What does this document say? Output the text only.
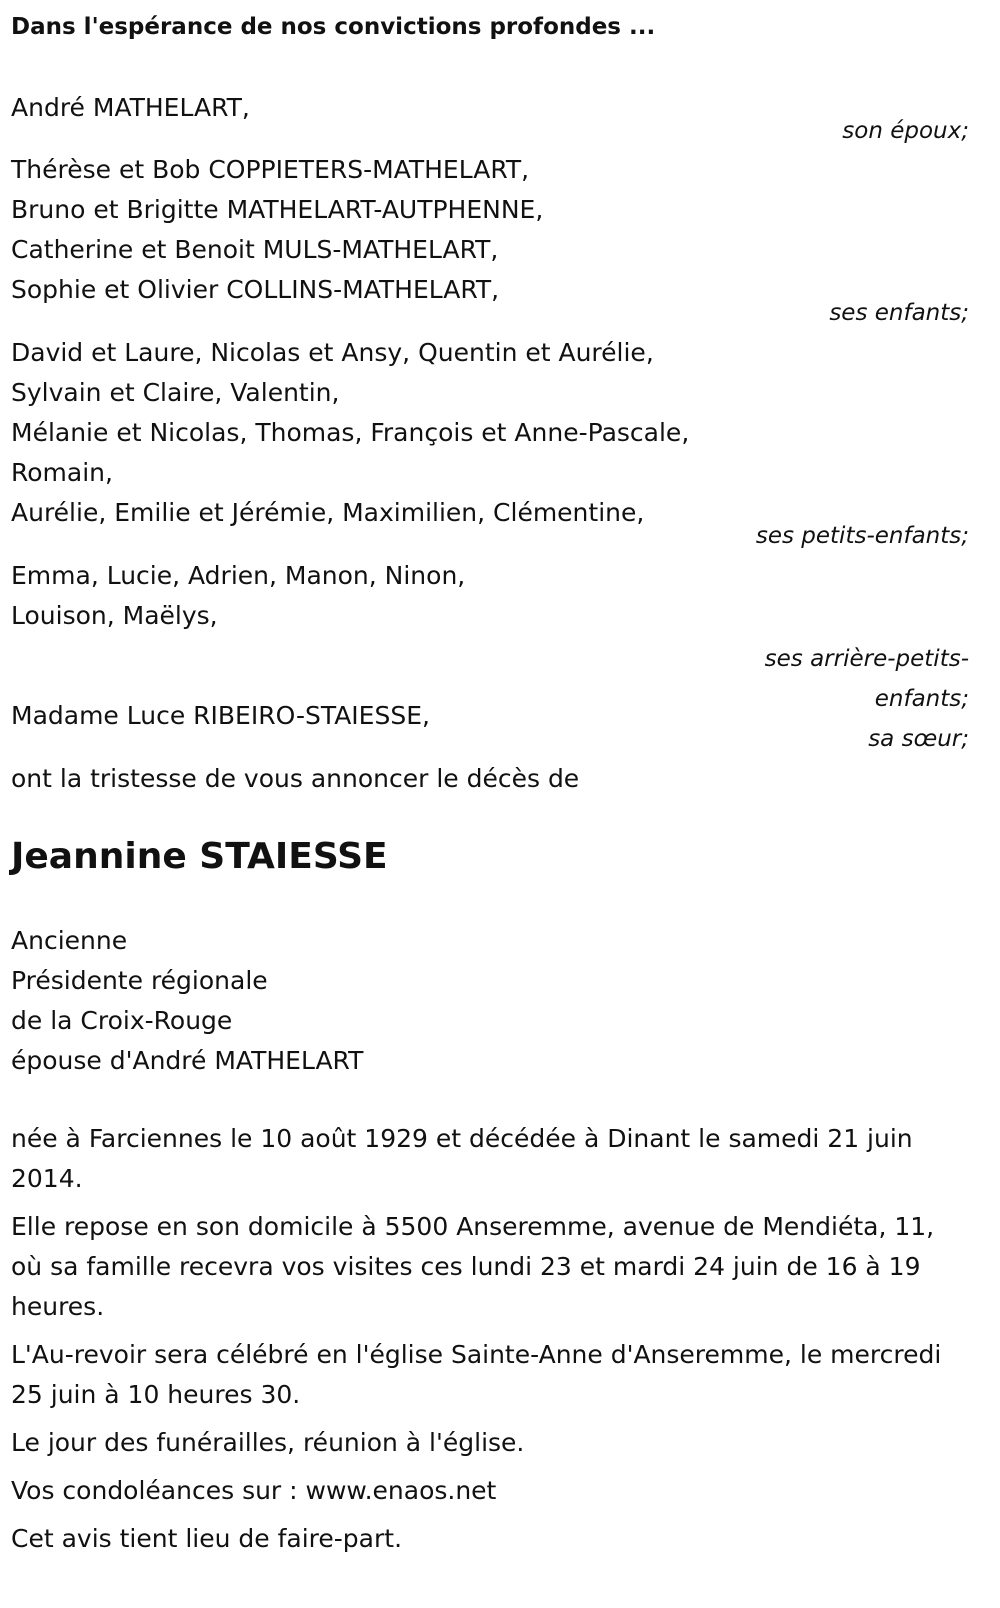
Dans l'espérance de nos convictions profondes ...

André MATHELART,

son époux;

Thérèse et Bob COPPIETERS-MATHELART,

Bruno et Brigitte MATHELART-AUTPHENNE,

Catherine et Benoit MULS-MATHELART,

Sophie et Olivier COLLINS-MATHELART,

ses enfants;

David et Laure, Nicolas et Ansy, Quentin et Aurélie,

Sylvain et Claire, Valentin,

Mélanie et Nicolas, Thomas, François et Anne-Pascale,

Romain,

Aurélie, Emilie et Jérémie, Maximilien, Clémentine,

ses petits-enfants;

Emma, Lucie, Adrien, Manon, Ninon,

Louison, Maëlys,

ses arrière-petits-

enfants;

Madame Luce RIBEIRO-STAIESSE,

sa sœur;

ont la tristesse de vous annoncer le décès de

Jeannine STAIESSE

Ancienne

Présidente régionale

de la Croix-Rouge

épouse d'André MATHELART

née à Farciennes le 10 août 1929 et décédée à Dinant le samedi 21 juin 2014.

Elle repose en son domicile à 5500 Anseremme, avenue de Mendiéta, 11, où sa famille recevra vos visites ces lundi 23 et mardi 24 juin de 16 à 19 heures.

L'Au-revoir sera célébré en l'église Sainte-Anne d'Anseremme, le mercredi 25 juin à 10 heures 30.

Le jour des funérailles, réunion à l'église.

Vos condoléances sur : www.enaos.net

Cet avis tient lieu de faire-part.
